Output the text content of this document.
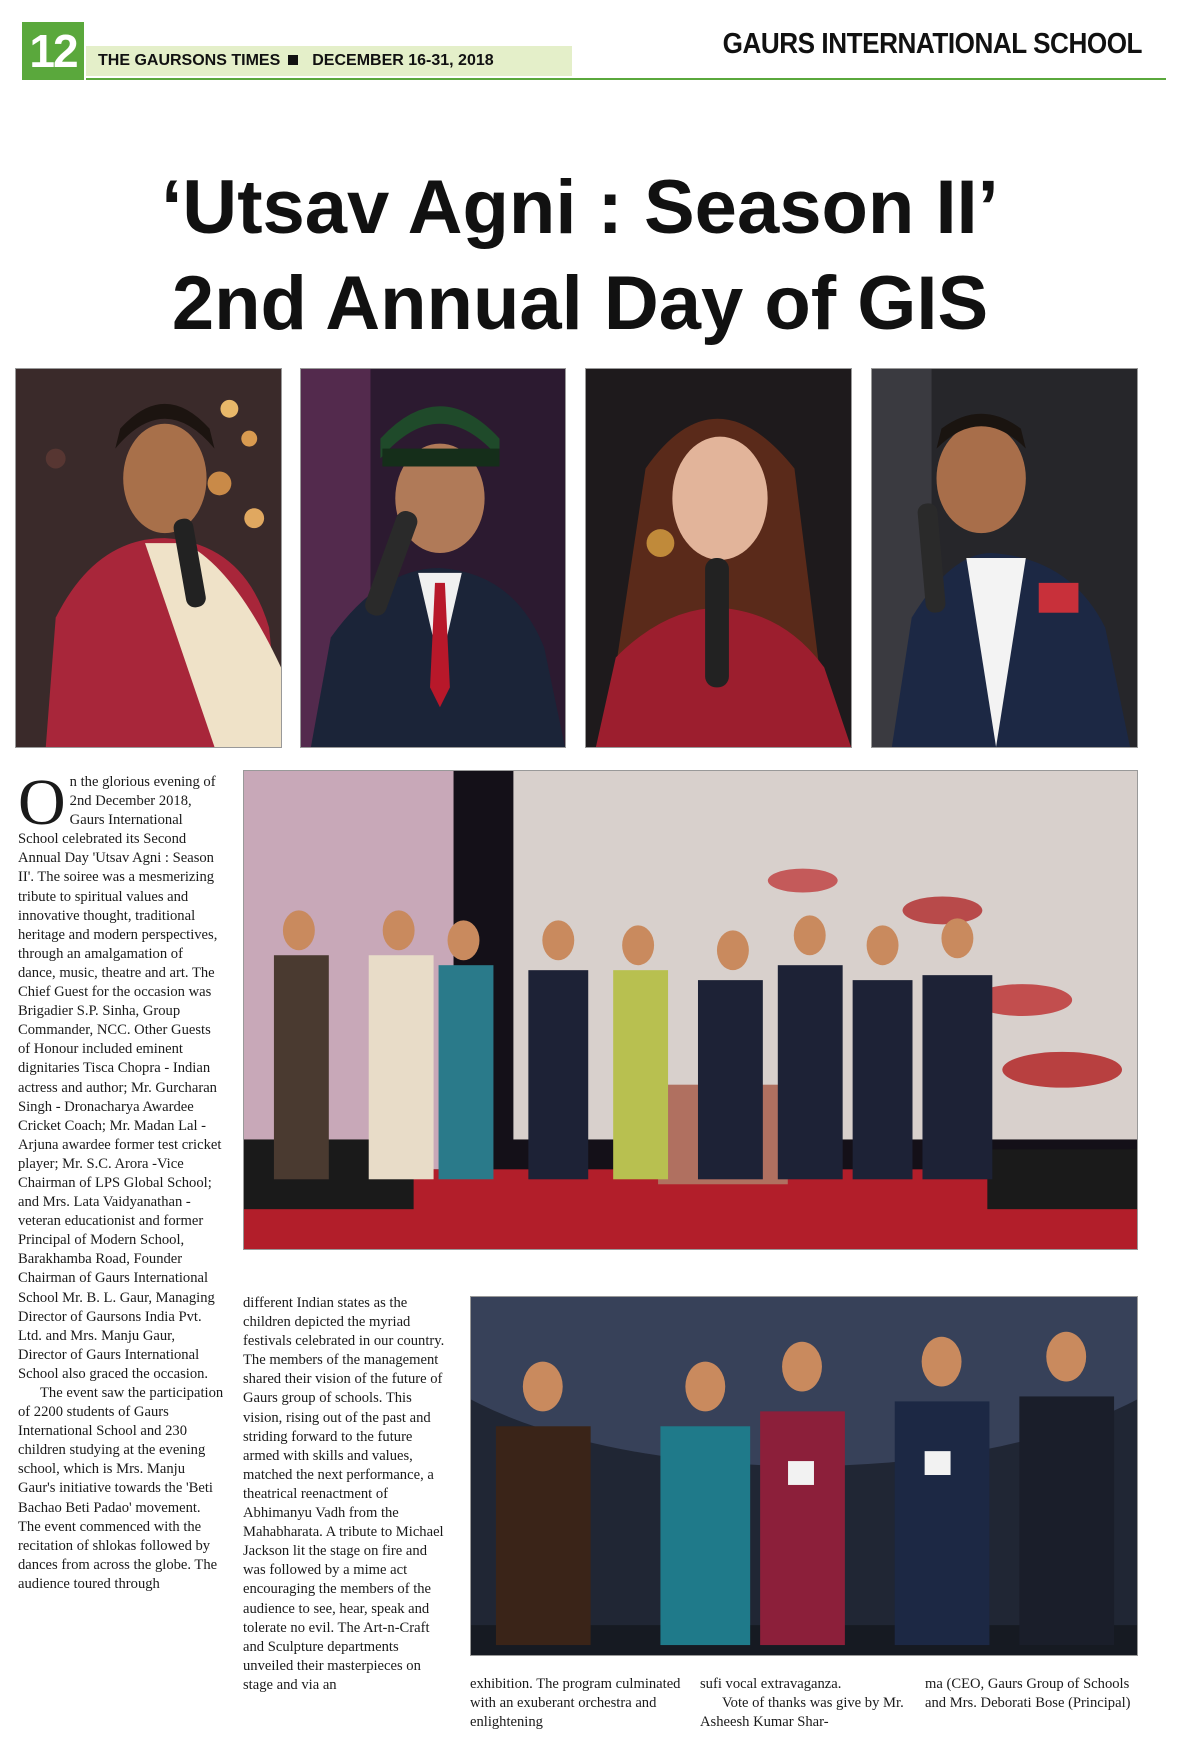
12	THE GAURSONS TIMES DECEMBER 16-31, 2018
GAURS INTERNATIONAL SCHOOL
‘Utsav Agni : Season II’
2nd Annual Day of GIS

On the glorious evening of 2nd December 2018, Gaurs International School celebrated its Second Annual Day 'Utsav Agni : Season II'. The soiree was a mesmerizing tribute to spiritual values and innovative thought, traditional heritage and modern perspectives, through an amalgamation of dance, music, theatre and art. The Chief Guest for the occasion was Brigadier S.P. Sinha, Group Commander, NCC. Other Guests of Honour included eminent dignitaries Tisca Chopra - Indian actress and author; Mr. Gurcharan Singh - Dronacharya Awardee Cricket Coach; Mr. Madan Lal - Arjuna awardee former test cricket player; Mr. S.C. Arora -Vice Chairman of LPS Global School; and Mrs. Lata Vaidyanathan - veteran educationist and former Principal of Modern School, Barakhamba Road, Founder Chairman of Gaurs International School Mr. B. L. Gaur, Managing Director of Gaursons India Pvt. Ltd. and Mrs. Manju Gaur, Director of Gaurs International School also graced the occasion.

The event saw the participation of 2200 students of Gaurs International School and 230 children studying at the evening school, which is Mrs. Manju Gaur's initiative towards the 'Beti Bachao Beti Padao' movement. The event commenced with the recitation of shlokas followed by dances from across the globe. The audience toured through

different Indian states as the children depicted the myriad festivals celebrated in our country. The members of the management shared their vision of the future of Gaurs group of schools. This vision, rising out of the past and striding forward to the future armed with skills and values, matched the next performance, a theatrical reenactment of Abhimanyu Vadh from the Mahabharata. A tribute to Michael Jackson lit the stage on fire and was followed by a mime act encouraging the members of the audience to see, hear, speak and tolerate no evil. The Art-n-Craft and Sculpture departments unveiled their masterpieces on stage and via an	exhibition. The program culminated with an exuberant orchestra and enlightening

sufi vocal extravaganza.

Vote of thanks was give by Mr. Asheesh Kumar Shar-

ma (CEO, Gaurs Group of Schools and Mrs. Deborati Bose (Principal)
